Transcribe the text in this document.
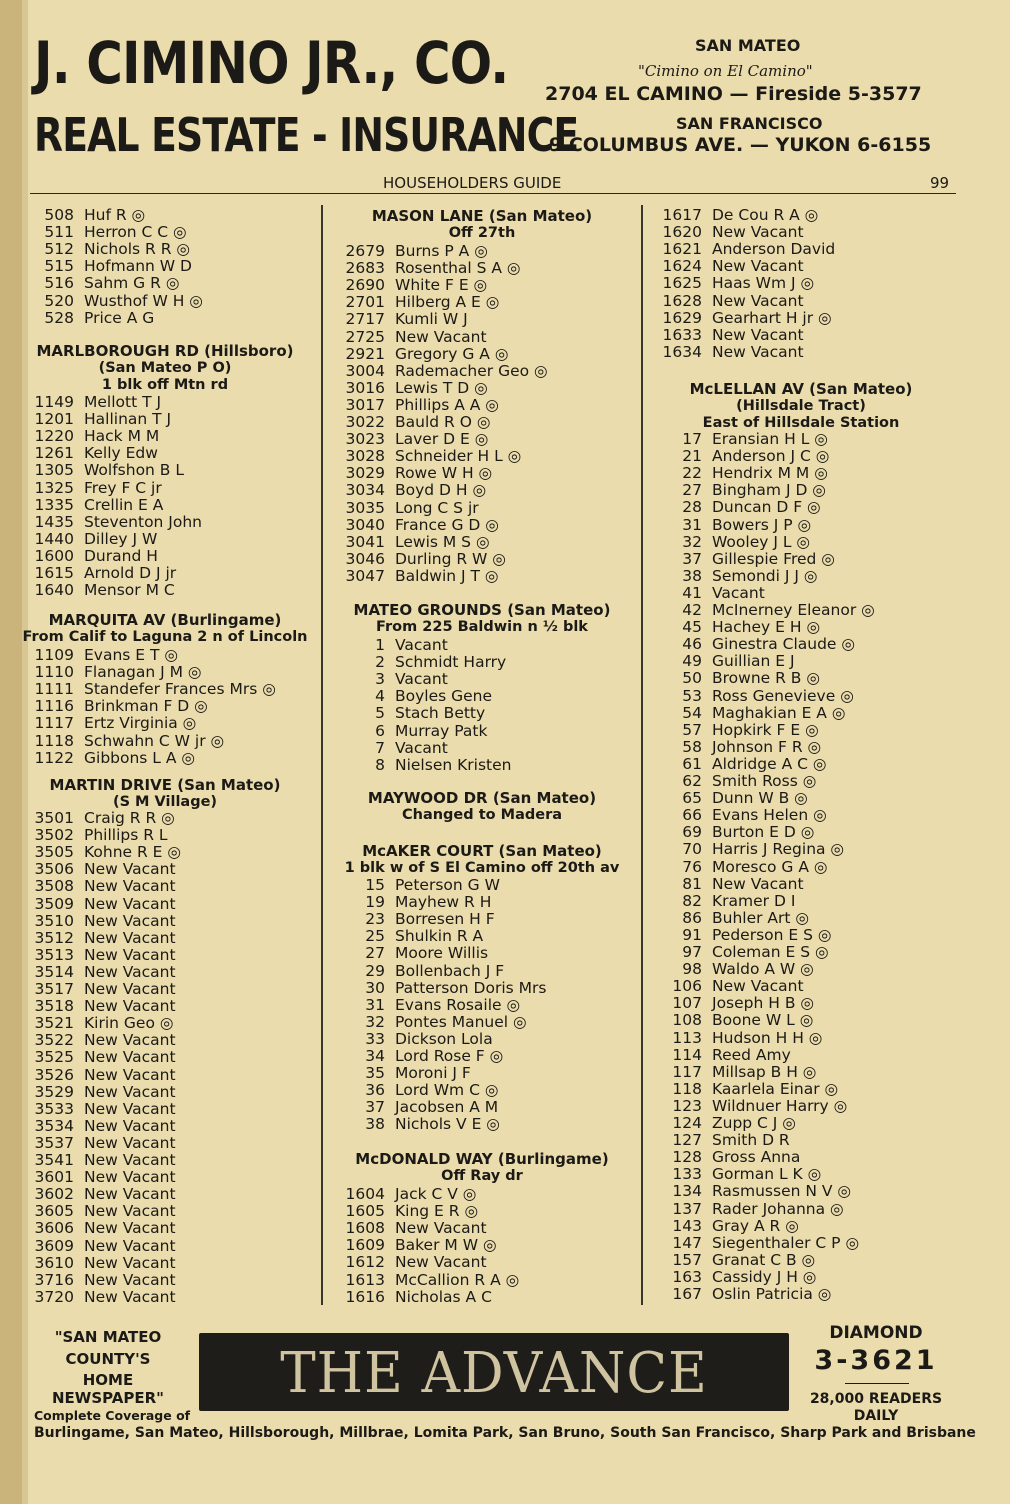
J. CIMINO JR., CO.
REAL ESTATE - INSURANCE
SAN MATEO
"Cimino on El Camino"
2704 EL CAMINO — Fireside 5-3577
SAN FRANCISCO
9 COLUMBUS AVE. — YUKON 6-6155
HOUSEHOLDERS GUIDE	99
508 Huf R ◎
511 Herron C C ◎
512 Nichols R R ◎
515 Hofmann W D
516 Sahm G R ◎
520 Wusthof W H ◎
528 Price A G
MARLBOROUGH RD (Hillsboro)
(San Mateo P O)
1 blk off Mtn rd
1149 Mellott T J
1201 Hallinan T J
1220 Hack M M
1261 Kelly Edw
1305 Wolfshon B L
1325 Frey F C jr
1335 Crellin E A
1435 Steventon John
1440 Dilley J W
1600 Durand H
1615 Arnold D J jr
1640 Mensor M C
MARQUITA AV (Burlingame)
From Calif to Laguna 2 n of Lincoln
1109 Evans E T ◎
1110 Flanagan J M ◎
1111 Standefer Frances Mrs ◎
1116 Brinkman F D ◎
1117 Ertz Virginia ◎
1118 Schwahn C W jr ◎
1122 Gibbons L A ◎
MARTIN DRIVE (San Mateo)
(S M Village)
3501 Craig R R ◎
3502 Phillips R L
3505 Kohne R E ◎
3506 New Vacant
3508 New Vacant
3509 New Vacant
3510 New Vacant
3512 New Vacant
3513 New Vacant
3514 New Vacant
3517 New Vacant
3518 New Vacant
3521 Kirin Geo ◎
3522 New Vacant
3525 New Vacant
3526 New Vacant
3529 New Vacant
3533 New Vacant
3534 New Vacant
3537 New Vacant
3541 New Vacant
3601 New Vacant
3602 New Vacant
3605 New Vacant
3606 New Vacant
3609 New Vacant
3610 New Vacant
3716 New Vacant
3720 New Vacant
MASON LANE (San Mateo)
Off 27th
2679 Burns P A ◎
2683 Rosenthal S A ◎
2690 White F E ◎
2701 Hilberg A E ◎
2717 Kumli W J
2725 New Vacant
2921 Gregory G A ◎
3004 Rademacher Geo ◎
3016 Lewis T D ◎
3017 Phillips A A ◎
3022 Bauld R O ◎
3023 Laver D E ◎
3028 Schneider H L ◎
3029 Rowe W H ◎
3034 Boyd D H ◎
3035 Long C S jr
3040 France G D ◎
3041 Lewis M S ◎
3046 Durling R W ◎
3047 Baldwin J T ◎
MATEO GROUNDS (San Mateo)
From 225 Baldwin n ½ blk
1 Vacant
2 Schmidt Harry
3 Vacant
4 Boyles Gene
5 Stach Betty
6 Murray Patk
7 Vacant
8 Nielsen Kristen
MAYWOOD DR (San Mateo)
Changed to Madera
McAKER COURT (San Mateo)
1 blk w of S El Camino off 20th av
15 Peterson G W
19 Mayhew R H
23 Borresen H F
25 Shulkin R A
27 Moore Willis
29 Bollenbach J F
30 Patterson Doris Mrs
31 Evans Rosaile ◎
32 Pontes Manuel ◎
33 Dickson Lola
34 Lord Rose F ◎
35 Moroni J F
36 Lord Wm C ◎
37 Jacobsen A M
38 Nichols V E ◎
McDONALD WAY (Burlingame)
Off Ray dr
1604 Jack C V ◎
1605 King E R ◎
1608 New Vacant
1609 Baker M W ◎
1612 New Vacant
1613 McCallion R A ◎
1616 Nicholas A C
1617 De Cou R A ◎
1620 New Vacant
1621 Anderson David
1624 New Vacant
1625 Haas Wm J ◎
1628 New Vacant
1629 Gearhart H jr ◎
1633 New Vacant
1634 New Vacant
McLELLAN AV (San Mateo)
(Hillsdale Tract)
East of Hillsdale Station
17 Eransian H L ◎
21 Anderson J C ◎
22 Hendrix M M ◎
27 Bingham J D ◎
28 Duncan D F ◎
31 Bowers J P ◎
32 Wooley J L ◎
37 Gillespie Fred ◎
38 Semondi J J ◎
41 Vacant
42 McInerney Eleanor ◎
45 Hachey E H ◎
46 Ginestra Claude ◎
49 Guillian E J
50 Browne R B ◎
53 Ross Genevieve ◎
54 Maghakian E A ◎
57 Hopkirk F E ◎
58 Johnson F R ◎
61 Aldridge A C ◎
62 Smith Ross ◎
65 Dunn W B ◎
66 Evans Helen ◎
69 Burton E D ◎
70 Harris J Regina ◎
76 Moresco G A ◎
81 New Vacant
82 Kramer D I
86 Buhler Art ◎
91 Pederson E S ◎
97 Coleman E S ◎
98 Waldo A W ◎
106 New Vacant
107 Joseph H B ◎
108 Boone W L ◎
113 Hudson H H ◎
114 Reed Amy
117 Millsap B H ◎
118 Kaarlela Einar ◎
123 Wildnuer Harry ◎
124 Zupp C J ◎
127 Smith D R
128 Gross Anna
133 Gorman L K ◎
134 Rasmussen N V ◎
137 Rader Johanna ◎
143 Gray A R ◎
147 Siegenthaler C P ◎
157 Granat C B ◎
163 Cassidy J H ◎
167 Oslin Patricia ◎
"SAN MATEO
COUNTY'S
HOME
NEWSPAPER"
Complete Coverage of
THE ADVANCE
DIAMOND
3-3621
28,000 READERS
DAILY
Burlingame, San Mateo, Hillsborough, Millbrae, Lomita Park, San Bruno, South San Francisco, Sharp Park and Brisbane
